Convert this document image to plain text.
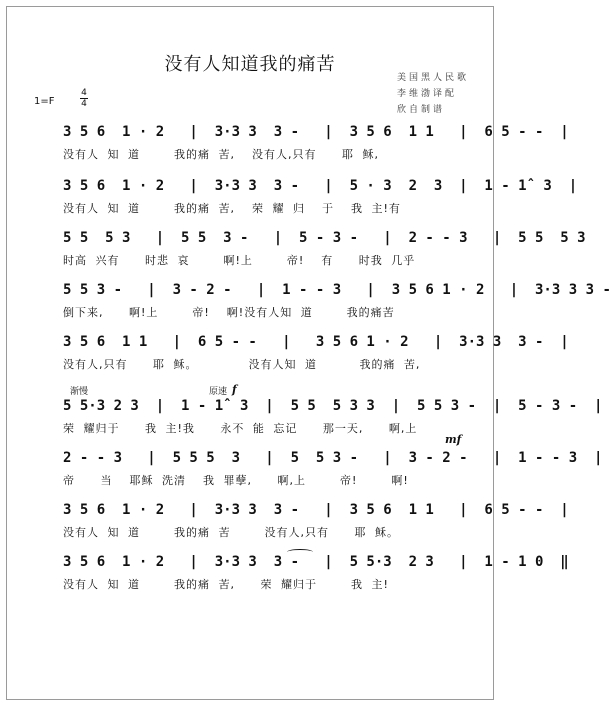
没有人知道我的痛苦
美国黑人民歌
李维渤译配
欣自制谱
1=F
4
4
3 5 6  1 · 2   |  3·3 3  3 -   |  3 5 6  1 1   |  6 5 - -  |
没有人 知 道    我的痛 苦,  没有人,只有   耶 稣,
3 5 6  1 · 2   |  3·3 3  3 -   |  5 · 3  2  3  |  1 - 1̂  3  |
没有人 知 道    我的痛 苦,  荣 耀 归  于  我 主!有
5 5  5 3   |  5 5  3 -   |  5 - 3 -   |  2 - - 3   |  5 5  5 3
时高 兴有   时悲 哀    啊!上    帝!  有   时我 几乎
5 5 3 -   |  3 - 2 -   |  1 - - 3   |  3 5 6 1 · 2   |  3·3 3 3 -
倒下来,   啊!上    帝!  啊!没有人知 道    我的痛苦
3 5 6  1 1   |  6 5 - -   |   3 5 6 1 · 2   |  3·3 3  3 -  |
没有人,只有   耶 稣。      没有人知 道     我的痛 苦,
渐慢	原速 f
5 5·3 2 3  |  1 - 1̂  3  |  5 5  5 3 3  |  5 5 3 -  |  5 - 3 -  |
荣 耀归于   我 主!我   永不 能 忘记   那一天,   啊,上
mf
2 - - 3   |  5 5 5  3   |  5  5 3 -   |  3 - 2 -   |  1 - - 3  |
帝   当  耶稣 洗清  我 罪孽,   啊,上    帝!    啊!
3 5 6  1 · 2   |  3·3 3  3 -   |  3 5 6  1 1   |  6 5 - -  |
没有人 知 道    我的痛 苦    没有人,只有   耶 稣。
3 5 6  1 · 2   |  3·3 3  3 -   |  5 5·3  2 3   |  1 - 1 0  ‖
没有人 知 道    我的痛 苦,   荣 耀归于    我 主!
